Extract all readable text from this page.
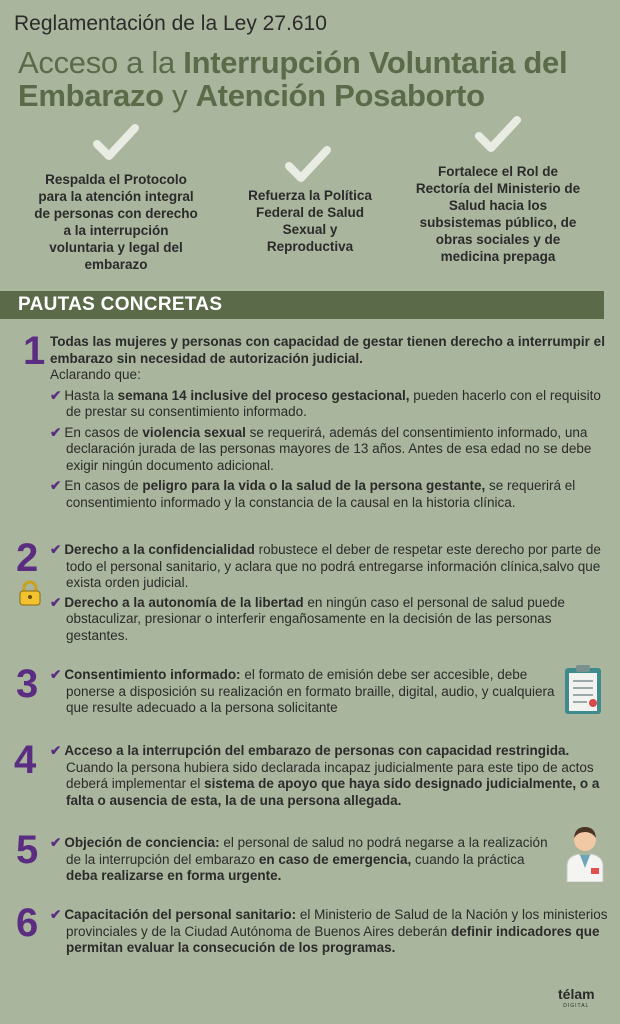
Reglamentación de la Ley 27.610
Acceso a la Interrupción Voluntaria del Embarazo y Atención Posaborto
Respalda el Protocolo para la atención integral de personas con derecho a la interrupción voluntaria y legal del embarazo
Refuerza la Política Federal de Salud Sexual y Reproductiva
Fortalece el Rol de Rectoría del Ministerio de Salud hacia los subsistemas público, de obras sociales y de medicina prepaga
PAUTAS CONCRETAS
1 Todas las mujeres y personas con capacidad de gestar tienen derecho a interrumpir el embarazo sin necesidad de autorización judicial.
Aclarando que:
✔ Hasta la semana 14 inclusive del proceso gestacional, pueden hacerlo con el requisito de prestar su consentimiento informado.
✔ En casos de violencia sexual se requerirá, además del consentimiento informado, una declaración jurada de las personas mayores de 13 años. Antes de esa edad no se debe exigir ningún documento adicional.
✔ En casos de peligro para la vida o la salud de la persona gestante, se requerirá el consentimiento informado y la constancia de la causal en la historia clínica.
2 ✔ Derecho a la confidencialidad robustece el deber de respetar este derecho por parte de todo el personal sanitario, y aclara que no podrá entregarse información clínica,salvo que exista orden judicial.
✔ Derecho a la autonomía de la libertad en ningún caso el personal de salud puede obstaculizar, presionar o interferir engañosamente en la decisión de las personas gestantes.
3 ✔ Consentimiento informado: el formato de emisión debe ser accesible, debe ponerse a disposición su realización en formato braille, digital, audio, y cualquiera que resulte adecuado a la persona solicitante
4 ✔ Acceso a la interrupción del embarazo de personas con capacidad restringida. Cuando la persona hubiera sido declarada incapaz judicialmente para este tipo de actos deberá implementar el sistema de apoyo que haya sido designado judicialmente, o a falta o ausencia de esta, la de una persona allegada.
5 ✔ Objeción de conciencia: el personal de salud no podrá negarse a la realización de la interrupción del embarazo en caso de emergencia, cuando la práctica deba realizarse en forma urgente.
6 ✔ Capacitación del personal sanitario: el Ministerio de Salud de la Nación y los ministerios provinciales y de la Ciudad Autónoma de Buenos Aires deberán definir indicadores que permitan evaluar la consecución de los programas.
télam
DIGITAL
